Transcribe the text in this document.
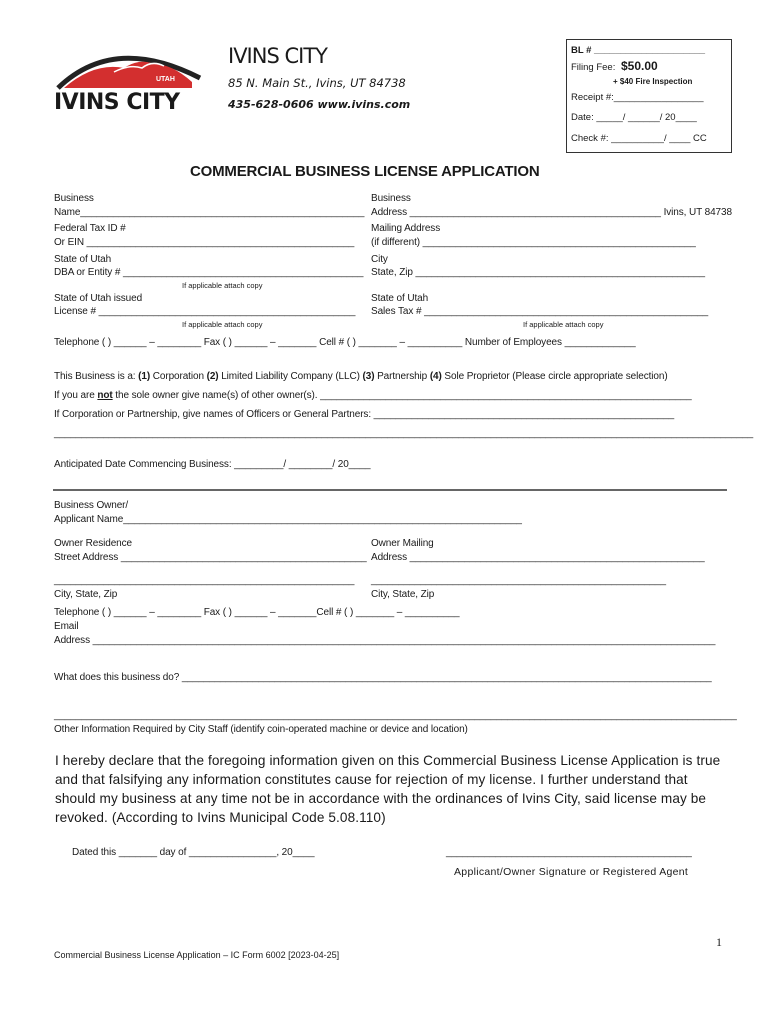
UTAH
IVINS CITY
IVINS CITY
85 N. Main St., Ivins, UT 84738
435-628-0606 www.ivins.com
BL # _____________________
Filing Fee: $50.00
+ $40 Fire Inspection
Receipt #:_________________
Date: _____/ ______/ 20____
Check #: __________/ ____ CC
COMMERCIAL BUSINESS LICENSE APPLICATION
Business
Name____________________________________________________
Business
Address ______________________________________________ Ivins, UT 84738
Federal Tax ID #
Or EIN _________________________________________________
Mailing Address
(if different) __________________________________________________
State of Utah
DBA or Entity # ____________________________________________
City
State, Zip _____________________________________________________
If applicable attach copy
State of Utah issued
License # _______________________________________________
State of Utah
Sales Tax # ____________________________________________________
If applicable attach copy	If applicable attach copy
Telephone ( ) ______ – ________ Fax ( ) ______ – _______ Cell # ( ) _______ – __________ Number of Employees _____________
This Business is a: (1) Corporation (2) Limited Liability Company (LLC) (3) Partnership (4) Sole Proprietor (Please circle appropriate selection)
If you are not the sole owner give name(s) of other owner(s). ____________________________________________________________________
If Corporation or Partnership, give names of Officers or General Partners: _______________________________________________________
________________________________________________________________________________________________________________________________
Anticipated Date Commencing Business: _________/ ________/ 20____
Business Owner/
Applicant Name_________________________________________________________________________
Owner Residence
Street Address _____________________________________________
Owner Mailing
Address ______________________________________________________
_______________________________________________________ ______________________________________________________
City, State, Zip	City, State, Zip
Telephone ( ) ______ – ________ Fax ( ) ______ – _______Cell # ( ) _______ – __________
Email
Address __________________________________________________________________________________________________________________
What does this business do? _________________________________________________________________________________________________
_____________________________________________________________________________________________________________________________
Other Information Required by City Staff (identify coin-operated machine or device and location)
I hereby declare that the foregoing information given on this Commercial Business License Application is true and that falsifying any information constitutes cause for rejection of my license. I further understand that should my business at any time not be in accordance with the ordinances of Ivins City, said license may be revoked. (According to Ivins Municipal Code 5.08.110)
Dated this _______ day of ________________, 20____	_____________________________________________
Applicant/Owner Signature or Registered Agent
1
Commercial Business License Application – IC Form 6002 [2023-04-25]
